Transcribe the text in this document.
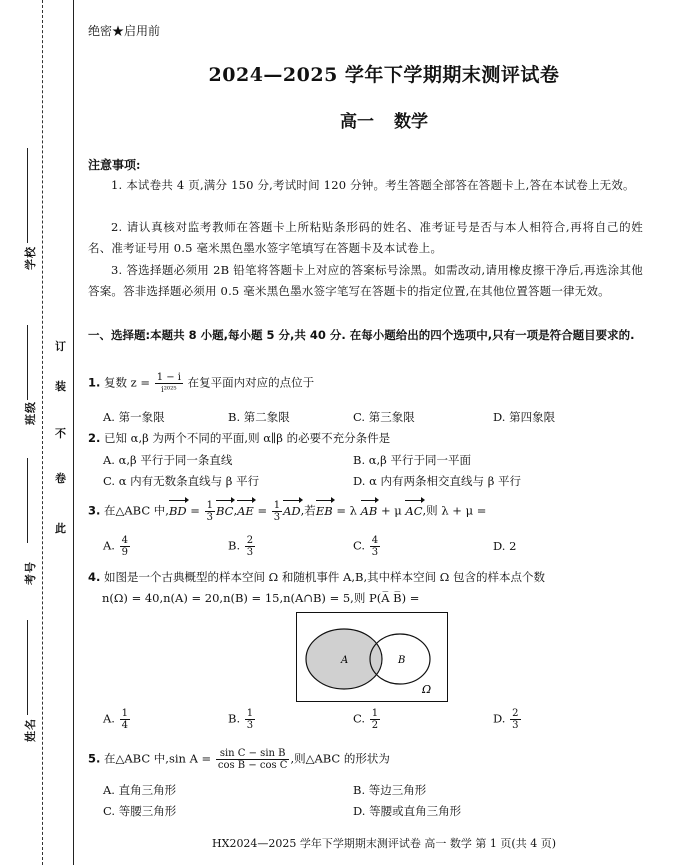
学校
班级
考号
姓名
订
装
不
卷
此
绝密★启用前
2024—2025 学年下学期期末测评试卷
高一 数学
注意事项:
1. 本试卷共 4 页,满分 150 分,考试时间 120 分钟。考生答题全部答在答题卡上,答在本试卷上无效。
2. 请认真核对监考教师在答题卡上所粘贴条形码的姓名、准考证号是否与本人相符合,再将自己的姓名、准考证号用 0.5 毫米黑色墨水签字笔填写在答题卡及本试卷上。
3. 答选择题必须用 2B 铅笔将答题卡上对应的答案标号涂黑。如需改动,请用橡皮擦干净后,再选涂其他答案。答非选择题必须用 0.5 毫米黑色墨水签字笔写在答题卡的指定位置,在其他位置答题一律无效。
一、选择题:本题共 8 小题,每小题 5 分,共 40 分. 在每小题给出的四个选项中,只有一项是符合题目要求的.
1. 复数 $z = \frac{1 - i}{\text{i²⁰²⁵}}$ 在复平面内对应的点位于
A. 第一象限	B. 第二象限	C. 第三象限	D. 第四象限
2. 已知 α,β 为两个不同的平面,则 α∥β 的必要不充分条件是
A. α,β 平行于同一条直线	B. α,β 平行于同一平面
C. α 内有无数条直线与 β 平行	D. α 内有两条相交直线与 β 平行
3. 在△ABC 中$,BD = \frac{1}{3} BC,AE = \frac{1}{3}$ AD,若EB = λ AB + μ AC,则 λ + μ =
A. $\frac{4}{9}$	B. $\frac{2}{3}$	C. $\frac{4}{3}$	D. 2
4. 如图是一个古典概型的样本空间 Ω 和随机事件 A,B,其中样本空间 Ω 包含的样本点个数
n(Ω) = 40,n(A) = 20,n(B) = 15,n(A∩B) = 5,则 P(A̅ B̅) =
A	B
Ω
A. $\frac{1}{4}$	B. $\frac{1}{3}$	C. $\frac{1}{2}$	D. $\frac{2}{3}$
5. 在△ABC 中,sin $A = \frac{\text{sin C − sin B}}{\text{cos B − cos C}}$ ,则△ABC 的形状为
A. 直角三角形	B. 等边三角形
C. 等腰三角形	D. 等腰或直角三角形
HX2024—2025 学年下学期期末测评试卷 高一 数学 第 1 页(共 4 页)
